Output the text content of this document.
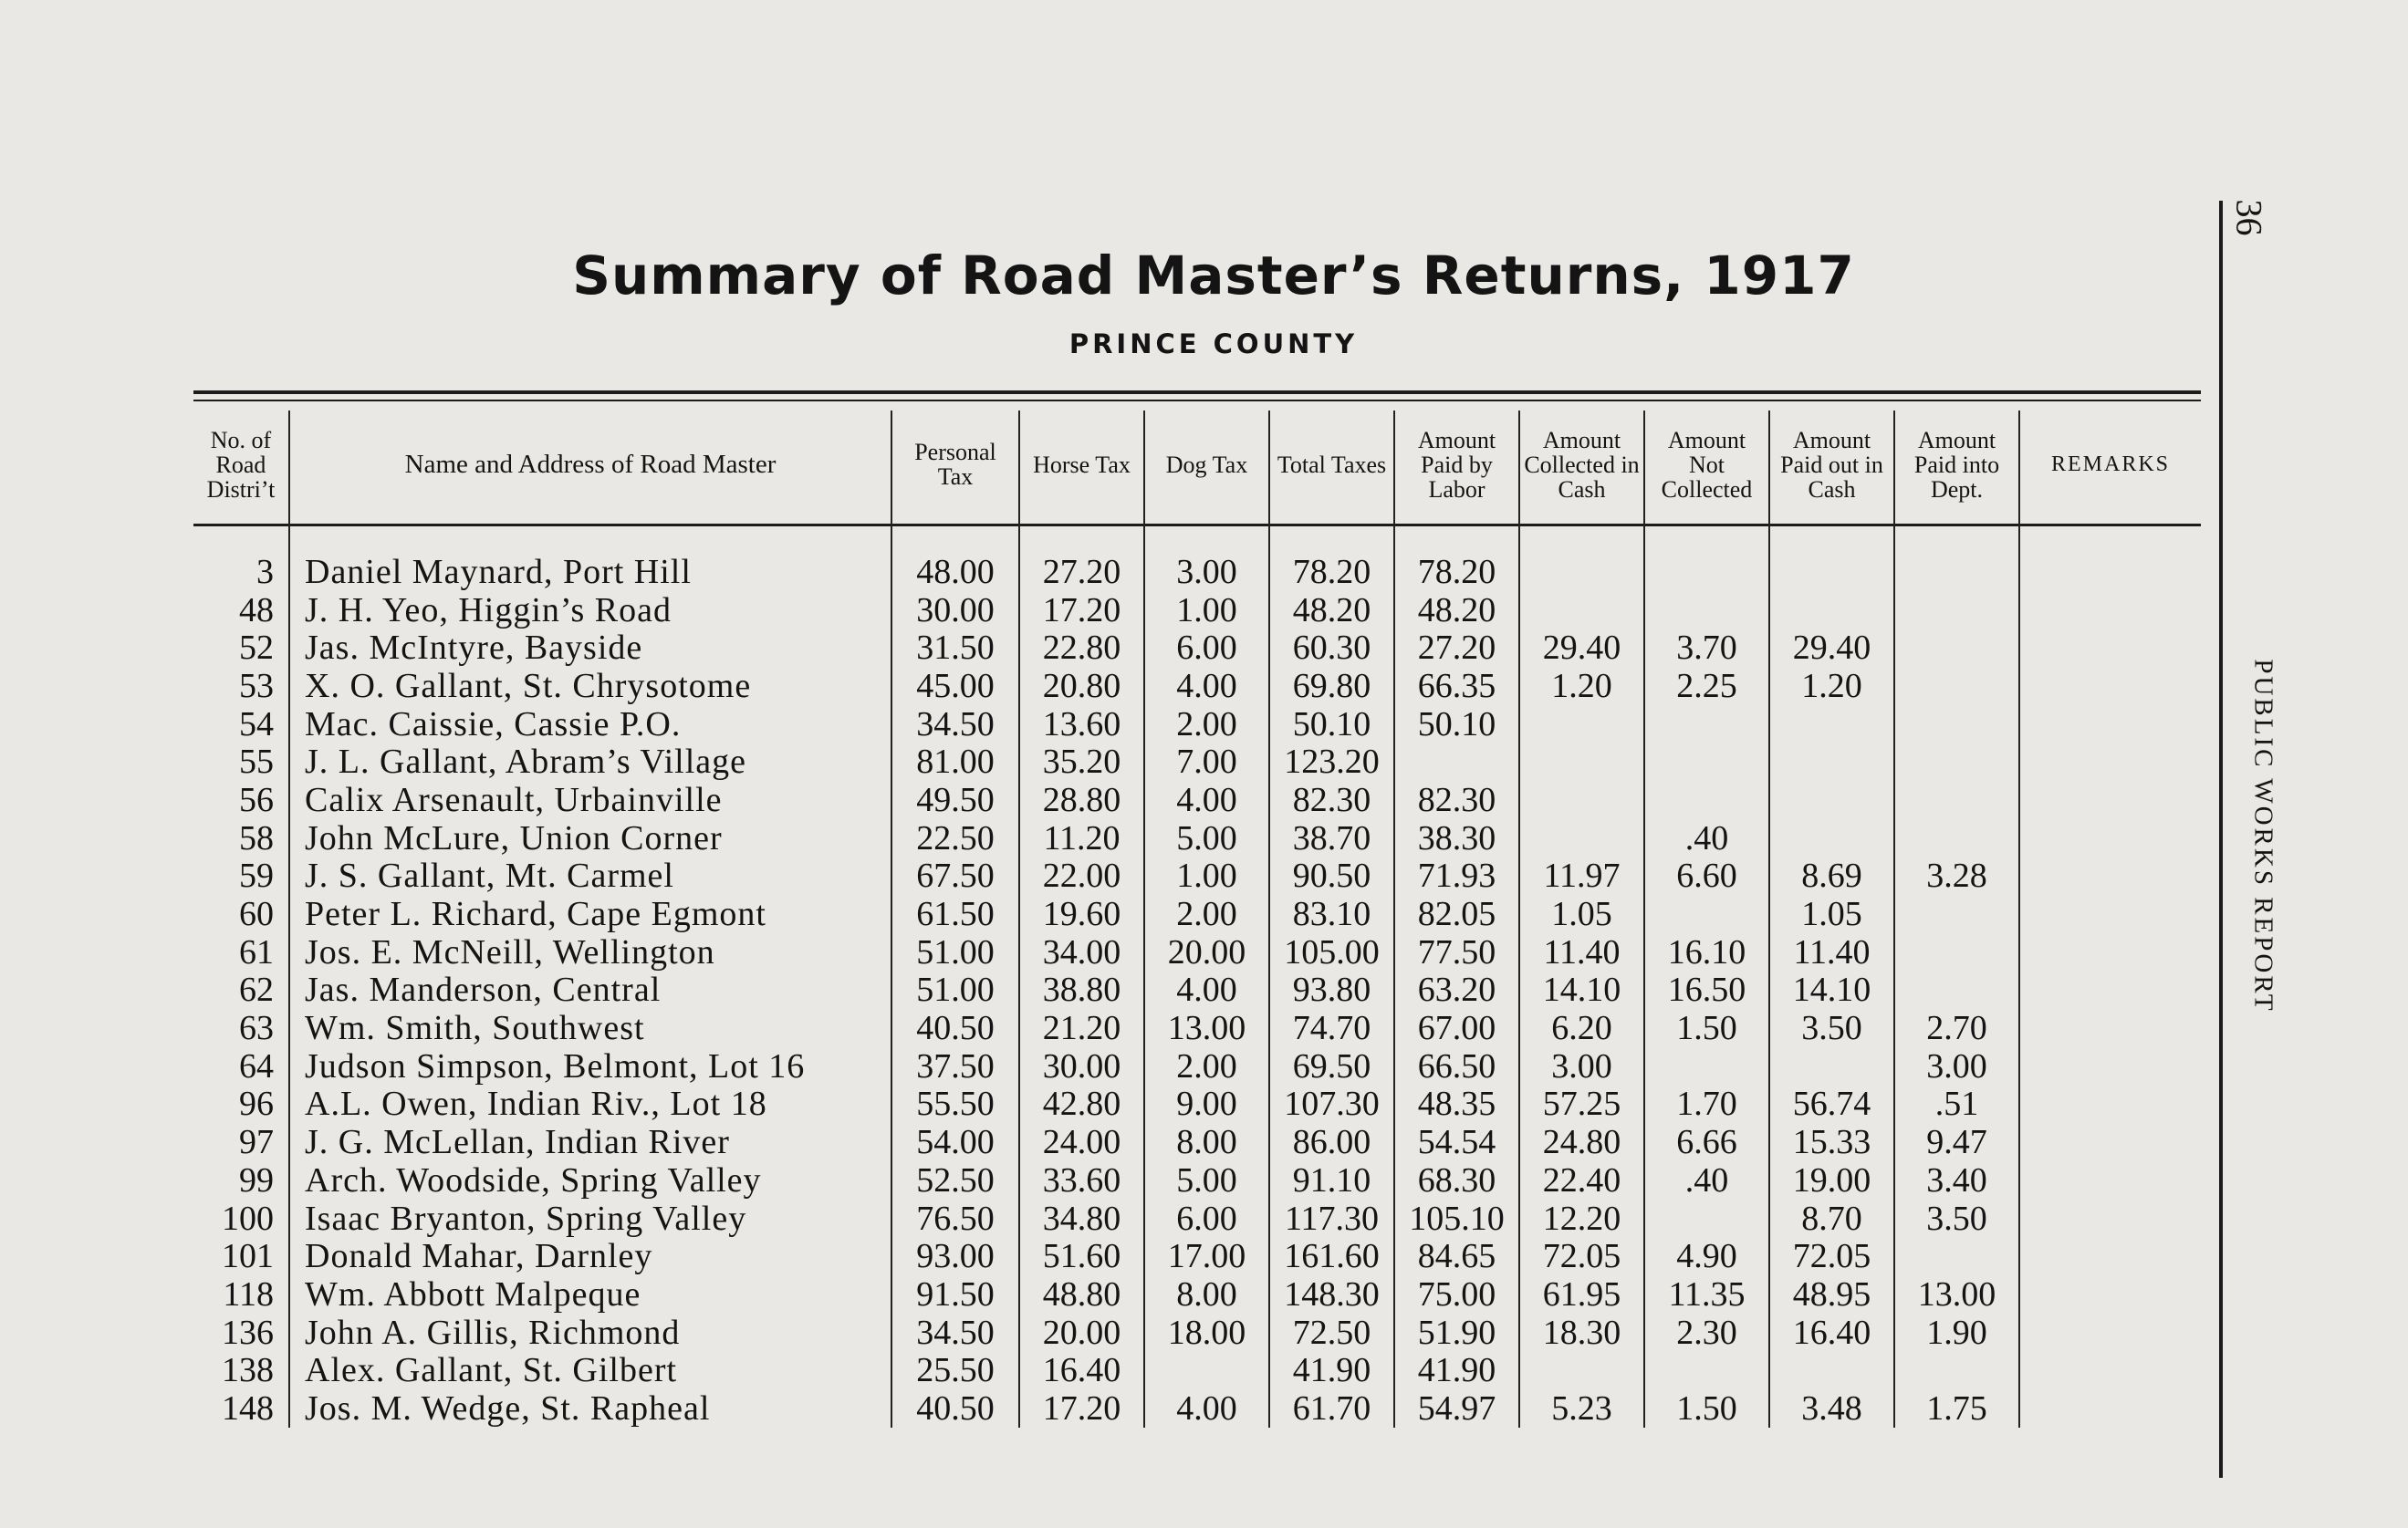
36
PUBLIC WORKS REPORT
Summary of Road Master’s Returns, 1917
PRINCE COUNTY
No. of Road Distri’t	Name and Address of Road Master	Personal Tax	Horse Tax	Dog Tax	Total Taxes	Amount Paid by Labor	Amount Collected in Cash	Amount Not Collected	Amount Paid out in Cash	Amount Paid into Dept.	REMARKS

3	Daniel Maynard, Port Hill	48.00	27.20	3.00	78.20	78.20					
48	J. H. Yeo, Higgin’s Road	30.00	17.20	1.00	48.20	48.20					
52	Jas. McIntyre, Bayside	31.50	22.80	6.00	60.30	27.20	29.40	3.70	29.40		
53	X. O. Gallant, St. Chrysotome	45.00	20.80	4.00	69.80	66.35	1.20	2.25	1.20		
54	Mac. Caissie, Cassie P.O.	34.50	13.60	2.00	50.10	50.10					
55	J. L. Gallant, Abram’s Village	81.00	35.20	7.00	123.20						
56	Calix Arsenault, Urbainville	49.50	28.80	4.00	82.30	82.30					
58	John McLure, Union Corner	22.50	11.20	5.00	38.70	38.30		.40			
59	J. S. Gallant, Mt. Carmel	67.50	22.00	1.00	90.50	71.93	11.97	6.60	8.69	3.28	
60	Peter L. Richard, Cape Egmont	61.50	19.60	2.00	83.10	82.05	1.05		1.05		
61	Jos. E. McNeill, Wellington	51.00	34.00	20.00	105.00	77.50	11.40	16.10	11.40		
62	Jas. Manderson, Central	51.00	38.80	4.00	93.80	63.20	14.10	16.50	14.10		
63	Wm. Smith, Southwest	40.50	21.20	13.00	74.70	67.00	6.20	1.50	3.50	2.70	
64	Judson Simpson, Belmont, Lot 16	37.50	30.00	2.00	69.50	66.50	3.00			3.00	
96	A.L. Owen, Indian Riv., Lot 18	55.50	42.80	9.00	107.30	48.35	57.25	1.70	56.74	.51	
97	J. G. McLellan, Indian River	54.00	24.00	8.00	86.00	54.54	24.80	6.66	15.33	9.47	
99	Arch. Woodside, Spring Valley	52.50	33.60	5.00	91.10	68.30	22.40	.40	19.00	3.40	
100	Isaac Bryanton, Spring Valley	76.50	34.80	6.00	117.30	105.10	12.20		8.70	3.50	
101	Donald Mahar, Darnley	93.00	51.60	17.00	161.60	84.65	72.05	4.90	72.05		
118	Wm. Abbott Malpeque	91.50	48.80	8.00	148.30	75.00	61.95	11.35	48.95	13.00	
136	John A. Gillis, Richmond	34.50	20.00	18.00	72.50	51.90	18.30	2.30	16.40	1.90	
138	Alex. Gallant, St. Gilbert	25.50	16.40		41.90	41.90					
148	Jos. M. Wedge, St. Rapheal	40.50	17.20	4.00	61.70	54.97	5.23	1.50	3.48	1.75	
